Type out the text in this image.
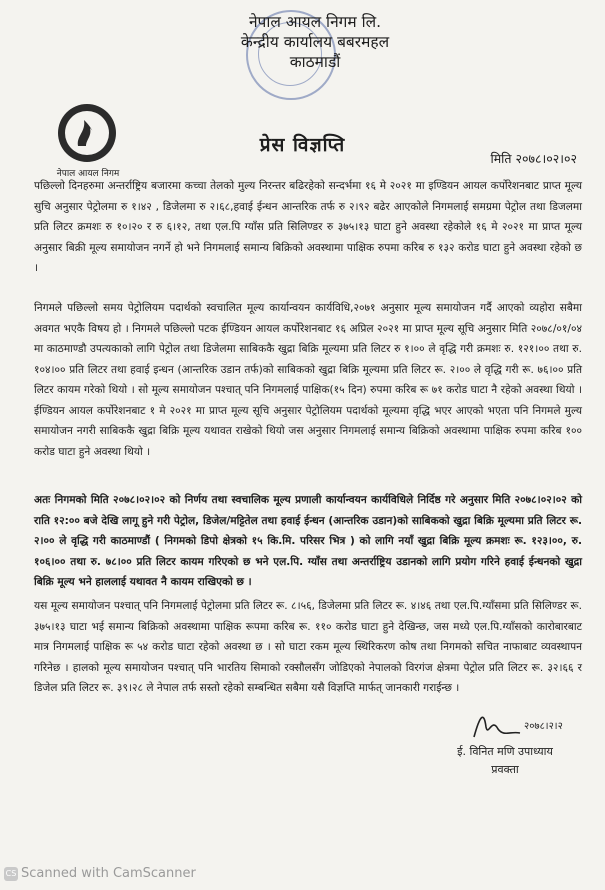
नेपाल आयल निगम लि.
केन्द्रीय कार्यालय बबरमहल
काठमाडौं
नेपाल आयल निगम
प्रेस विज्ञप्ति
मिति २०७८।०२।०२
पछिल्लो दिनहरुमा अन्तर्राष्ट्रिय बजारमा कच्चा तेलको मुल्य निरन्तर बढिरहेको सन्दर्भमा १६ मे २०२१ मा इण्डियन आयल कर्पोरेशनबाट प्राप्त मूल्य सुचि अनुसार पेट्रोलमा रु १।४२ , डिजेलमा रु २।६८,हवाई ईन्धन आन्तरिक तर्फ रु २।९२ बढेर आएकोले निगमलाई समग्रमा पेट्रोल तथा डिजलमा प्रति लिटर क्रमशः रु १०।२० र रु ६।१२, तथा एल.पि ग्याँस प्रति सिलिण्डर रु ३७५।१३ घाटा हुने अवस्था रहेकोले १६ मे २०२१ मा प्राप्त मूल्य अनुसार बिक्री मूल्य समायोजन नगर्ने हो भने निगमलाई समान्य बिक्रिको अवस्थामा पाक्षिक रुपमा करिब रु १३२ करोड घाटा हुने अवस्था रहेको छ ।
निगमले पछिल्लो समय पेट्रोलियम पदार्थको स्वचालित मूल्य कार्यान्वयन कार्यविधि,२०७१ अनुसार मूल्य समायोजन गर्दै आएको व्यहोरा सबैमा अवगत भएकै विषय हो । निगमले पछिल्लो पटक ईण्डियन आयल कर्पोरेशनबाट १६ अप्रिल २०२१ मा प्राप्त मूल्य सूचि अनुसार मिति २०७८/०१/०४ मा काठमाण्डौ उपत्यकाको लागि पेट्रोल तथा डिजेलमा साबिककै खुद्रा बिक्रि मूल्यमा प्रति लिटर रु १।०० ले वृद्धि गरी क्रमशः रु. १२१।०० तथा रु. १०४।०० प्रति लिटर तथा हवाई इन्धन (आन्तरिक उडान तर्फ)को साबिकको खुद्रा बिक्रि मूल्यमा प्रति लिटर रू. २।०० ले वृद्धि गरी रू. ७६।०० प्रति लिटर कायम गरेको थियो । सो मूल्य समायोजन पश्चात् पनि निगमलाई पाक्षिक(१५ दिन) रुपमा करिब रू ७१ करोड घाटा नै रहेको अवस्था थियो । ईण्डियन आयल कर्पोरेशनबाट १ मे २०२१ मा प्राप्त मूल्य सूचि अनुसार पेट्रोलियम पदार्थको मूल्यमा वृद्धि भएर आएको भएता पनि निगमले मुल्य समायोजन नगरी साबिककै खुद्रा बिक्रि मूल्य यथावत राखेको थियो जस अनुसार निगमलाई समान्य बिक्रिको अवस्थामा पाक्षिक रुपमा करिब १०० करोड घाटा हुने अवस्था थियो ।
अतः निगमको मिति २०७८।०२।०२ को निर्णय तथा स्वचालिक मूल्य प्रणाली कार्यान्वयन कार्यविधिले निर्दिष्ठ गरे अनुसार मिति २०७८।०२।०२ को राति १२:०० बजे देखि लागू हुने गरी पेट्रोल, डिजेल/मट्टितेल तथा हवाई ईन्धन (आन्तरिक उडान)को साबिकको खुद्रा बिक्रि मूल्यमा प्रति लिटर रू. २।०० ले वृद्धि गरी काठमाण्डौं ( निगमको डिपो क्षेत्रको १५ कि.मि. परिसर भित्र ) को लागि नयाँ खुद्रा बिक्रि मूल्य क्रमशः रू. १२३।००, रु. १०६।०० तथा रु. ७८।०० प्रति लिटर कायम गरिएको छ भने एल.पि. ग्याँस तथा अन्तर्राष्ट्रिय उडानको लागि प्रयोग गरिने हवाई ईन्धनको खुद्रा बिक्रि मूल्य भने हाललाई यथावत नै कायम राखिएको छ ।
यस मूल्य समायोजन पश्चात् पनि निगमलाई पेट्रोलमा प्रति लिटर रू. ८।५६, डिजेलमा प्रति लिटर रू. ४।४६ तथा एल.पि.ग्याँसमा प्रति सिलिण्डर रू. ३७५।१३ घाटा भई समान्य बिक्रिको अवस्थामा पाक्षिक रूपमा करिब रू. ११० करोड घाटा हुने देखिन्छ, जस मध्ये एल.पि.ग्याँसको कारोबारबाट मात्र निगमलाई पाक्षिक रू ५४ करोड घाटा रहेको अवस्था छ । सो घाटा रकम मूल्य स्थिरिकरण कोष तथा निगमको सचित नाफाबाट व्यवस्थापन गरिनेछ । हालको मूल्य समायोजन पश्चात् पनि भारतिय सिमाको रक्सौलसँग जोडिएको नेपालको विरगंज क्षेत्रमा पेट्रोल प्रति लिटर रू. ३२।६६ र डिजेल प्रति लिटर रू. ३९।२८ ले नेपाल तर्फ सस्तो रहेको सम्बन्धित सबैमा यसै विज्ञप्ति मार्फत् जानकारी गराईन्छ ।
२०७८।२।२
ई. विनित मणि उपाध्याय
प्रवक्ता
CS Scanned with CamScanner
